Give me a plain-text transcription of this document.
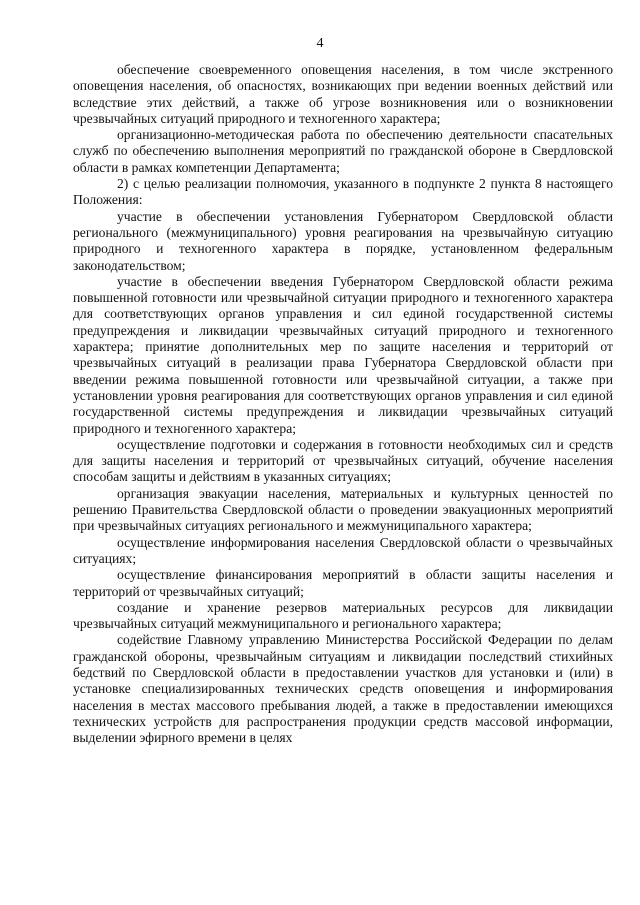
4

обеспечение своевременного оповещения населения, в том числе экстренного оповещения населения, об опасностях, возникающих при ведении военных действий или вследствие этих действий, а также об угрозе возникновения или о возникновении чрезвычайных ситуаций природного и техногенного характера;

организационно-методическая работа по обеспечению деятельности спасательных служб по обеспечению выполнения мероприятий по гражданской обороне в Свердловской области в рамках компетенции Департамента;

2) с целью реализации полномочия, указанного в подпункте 2 пункта 8 настоящего Положения:

участие в обеспечении установления Губернатором Свердловской области регионального (межмуниципального) уровня реагирования на чрезвычайную ситуацию природного и техногенного характера в порядке, установленном федеральным законодательством;

участие в обеспечении введения Губернатором Свердловской области режима повышенной готовности или чрезвычайной ситуации природного и техногенного характера для соответствующих органов управления и сил единой государственной системы предупреждения и ликвидации чрезвычайных ситуаций природного и техногенного характера; принятие дополнительных мер по защите населения и территорий от чрезвычайных ситуаций в реализации права Губернатора Свердловской области при введении режима повышенной готовности или чрезвычайной ситуации, а также при установлении уровня реагирования для соответствующих органов управления и сил единой государственной системы предупреждения и ликвидации чрезвычайных ситуаций природного и техногенного характера;

осуществление подготовки и содержания в готовности необходимых сил и средств для защиты населения и территорий от чрезвычайных ситуаций, обучение населения способам защиты и действиям в указанных ситуациях;

организация эвакуации населения, материальных и культурных ценностей по решению Правительства Свердловской области о проведении эвакуационных мероприятий при чрезвычайных ситуациях регионального и межмуниципального характера;

осуществление информирования населения Свердловской области о чрезвычайных ситуациях;

осуществление финансирования мероприятий в области защиты населения и территорий от чрезвычайных ситуаций;

создание и хранение резервов материальных ресурсов для ликвидации чрезвычайных ситуаций межмуниципального и регионального характера;

содействие Главному управлению Министерства Российской Федерации по делам гражданской обороны, чрезвычайным ситуациям и ликвидации последствий стихийных бедствий по Свердловской области в предоставлении участков для установки и (или) в установке специализированных технических средств оповещения и информирования населения в местах массового пребывания людей, а также в предоставлении имеющихся технических устройств для распространения продукции средств массовой информации, выделении эфирного времени в целях
